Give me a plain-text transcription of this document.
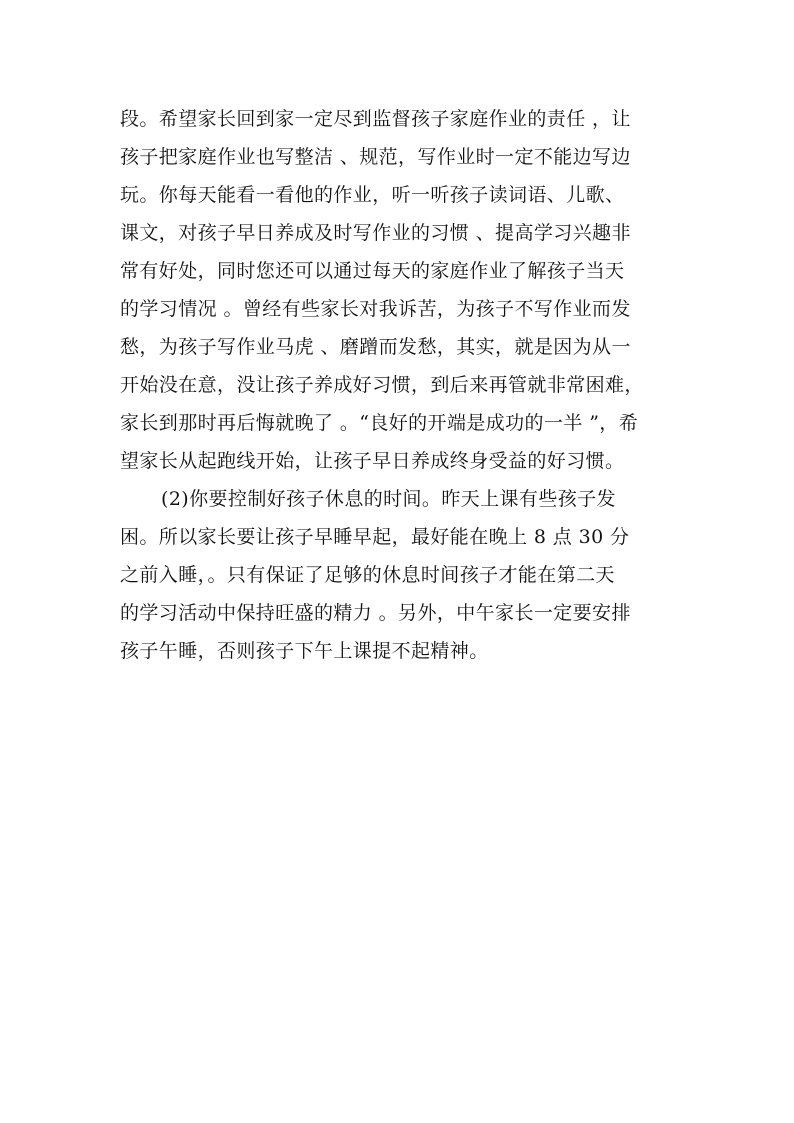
段。希望家长回到家一定尽到监督孩子家庭作业的责任 ，让
孩子把家庭作业也写整洁 、规范，写作业时一定不能边写边
玩。你每天能看一看他的作业，听一听孩子读词语、儿歌、
课文，对孩子早日养成及时写作业的习惯 、提高学习兴趣非
常有好处，同时您还可以通过每天的家庭作业了解孩子当天
的学习情况 。曾经有些家长对我诉苦，为孩子不写作业而发
愁，为孩子写作业马虎 、磨蹭而发愁，其实，就是因为从一
开始没在意，没让孩子养成好习惯，到后来再管就非常困难，
家长到那时再后悔就晚了 。“良好的开端是成功的一半 ”，希
望家长从起跑线开始，让孩子早日养成终身受益的好习惯。
(2)你要控制好孩子休息的时间。昨天上课有些孩子发
困。所以家长要让孩子早睡早起，最好能在晚上 8 点 30 分
之前入睡，。只有保证了足够的休息时间孩子才能在第二天
的学习活动中保持旺盛的精力 。另外，中午家长一定要安排
孩子午睡，否则孩子下午上课提不起精神。
